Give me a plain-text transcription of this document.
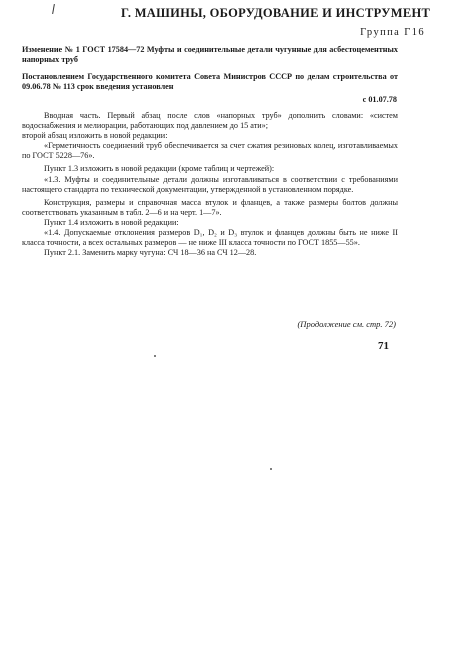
Г. МАШИНЫ, ОБОРУДОВАНИЕ И ИНСТРУМЕНТ
Группа Г16
Изменение № 1 ГОСТ 17584—72 Муфты и соединительные детали чугунные для асбестоцементных напорных труб
Постановлением Государственного комитета Совета Министров СССР по делам строительства от 09.06.78 № 113 срок введения установлен
с 01.07.78

Вводная часть. Первый абзац после слов «напорных труб» дополнить словами: «систем водоснабжения и мелиорации, работающих под давлением до 15 ати»;

второй абзац изложить в новой редакции:

«Герметичность соединений труб обеспечивается за счет сжатия резиновых колец, изготавливаемых по ГОСТ 5228—76».

Пункт 1.3 изложить в новой редакции (кроме таблиц и чертежей):

«1.3. Муфты и соединительные детали должны изготавливаться в соответствии с требованиями настоящего стандарта по технической документации, утвержденной в установленном порядке.

Конструкция, размеры и справочная масса втулок и фланцев, а также размеры болтов должны соответствовать указанным в табл. 2—6 и на черт. 1—7».

Пункт 1.4 изложить в новой редакции:

«1.4. Допускаемые отклонения размеров D₁, D₂ и D₃ втулок и фланцев должны быть не ниже II класса точности, а всех остальных размеров — не ниже III класса точности по ГОСТ 1855—55».

Пункт 2.1. Заменить марку чугуна: СЧ 18—36 на СЧ 12—28.

(Продолжение см. стр. 72)
71
